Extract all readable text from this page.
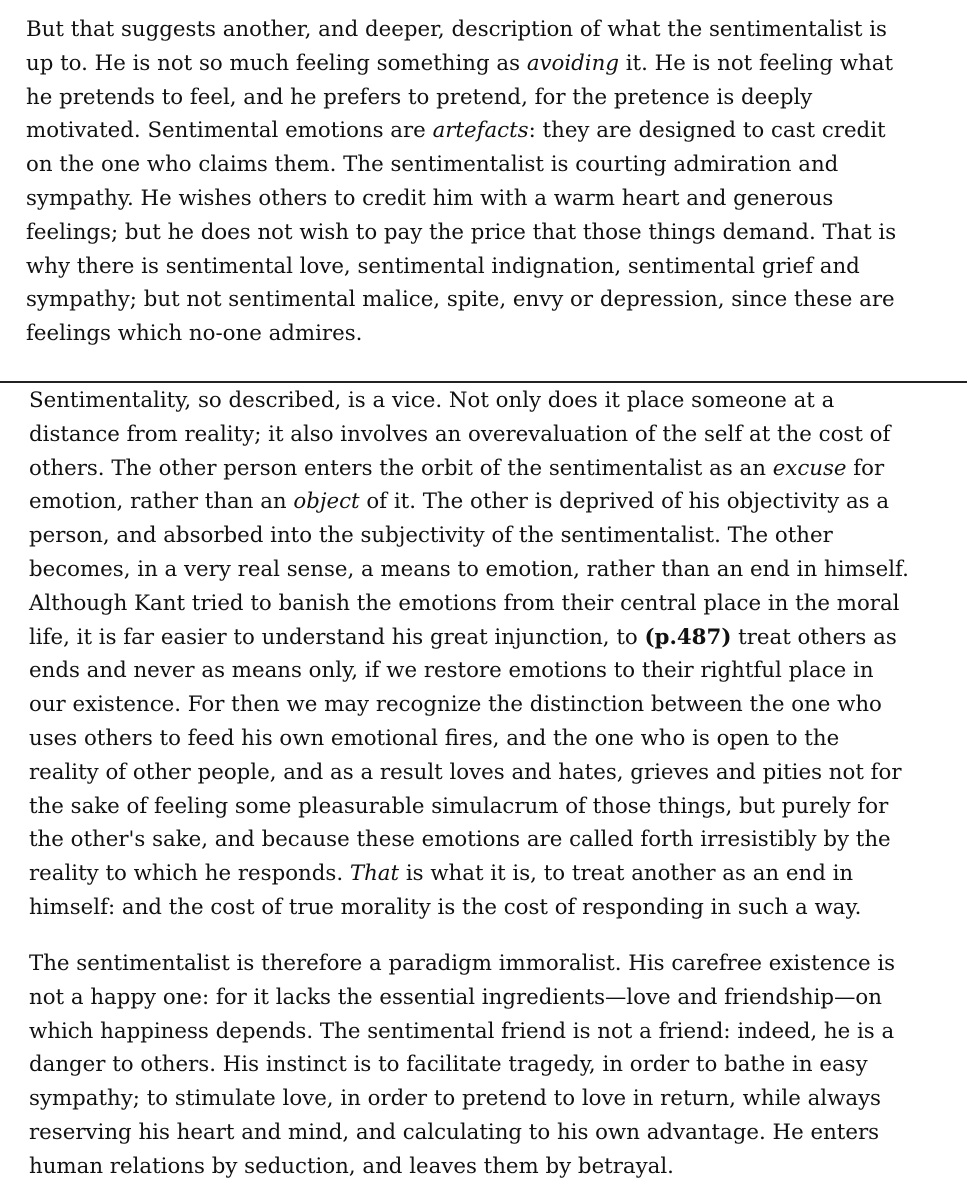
But that suggests another, and deeper, description of what the sentimentalist is
up to. He is not so much feeling something as avoiding it. He is not feeling what
he pretends to feel, and he prefers to pretend, for the pretence is deeply
motivated. Sentimental emotions are artefacts: they are designed to cast credit
on the one who claims them. The sentimentalist is courting admiration and
sympathy. He wishes others to credit him with a warm heart and generous
feelings; but he does not wish to pay the price that those things demand. That is
why there is sentimental love, sentimental indignation, sentimental grief and
sympathy; but not sentimental malice, spite, envy or depression, since these are
feelings which no-one admires.
Sentimentality, so described, is a vice. Not only does it place someone at a
distance from reality; it also involves an overevaluation of the self at the cost of
others. The other person enters the orbit of the sentimentalist as an excuse for
emotion, rather than an object of it. The other is deprived of his objectivity as a
person, and absorbed into the subjectivity of the sentimentalist. The other
becomes, in a very real sense, a means to emotion, rather than an end in himself.
Although Kant tried to banish the emotions from their central place in the moral
life, it is far easier to understand his great injunction, to (p.487) treat others as
ends and never as means only, if we restore emotions to their rightful place in
our existence. For then we may recognize the distinction between the one who
uses others to feed his own emotional fires, and the one who is open to the
reality of other people, and as a result loves and hates, grieves and pities not for
the sake of feeling some pleasurable simulacrum of those things, but purely for
the other's sake, and because these emotions are called forth irresistibly by the
reality to which he responds. That is what it is, to treat another as an end in
himself: and the cost of true morality is the cost of responding in such a way.
The sentimentalist is therefore a paradigm immoralist. His carefree existence is
not a happy one: for it lacks the essential ingredients—love and friendship—on
which happiness depends. The sentimental friend is not a friend: indeed, he is a
danger to others. His instinct is to facilitate tragedy, in order to bathe in easy
sympathy; to stimulate love, in order to pretend to love in return, while always
reserving his heart and mind, and calculating to his own advantage. He enters
human relations by seduction, and leaves them by betrayal.
